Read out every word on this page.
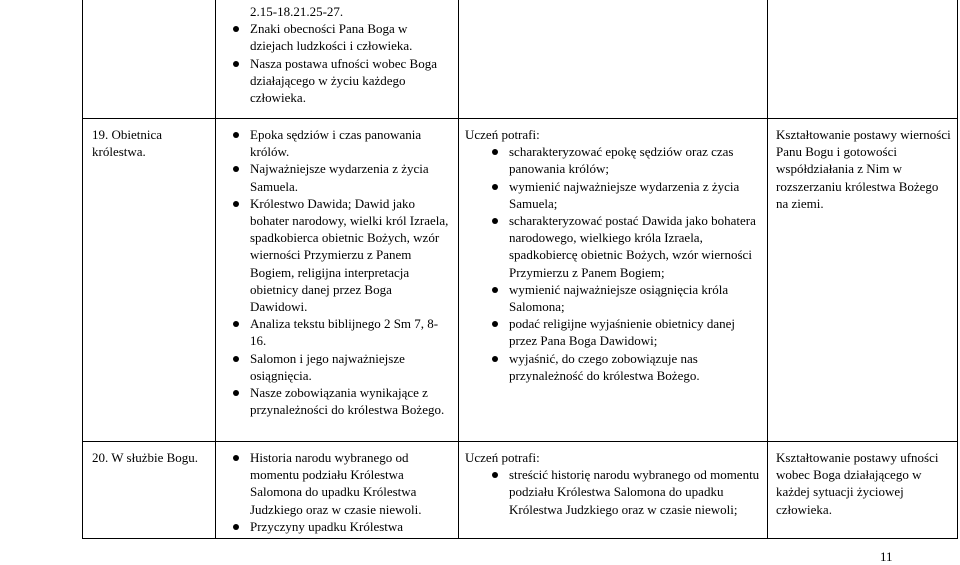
2.15-18.21.25-27.

Znaki obecności Pana Boga w dziejach ludzkości i człowieka.
Nasza postawa ufności wobec Boga działającego w życiu każdego człowieka.
19. Obietnica królestwa.
Epoka sędziów i czas panowania królów.
Najważniejsze wydarzenia z życia Samuela.
Królestwo Dawida; Dawid jako bohater narodowy, wielki król Izraela, spadkobierca obietnic Bożych, wzór wierności Przymierzu z Panem Bogiem, religijna interpretacja obietnicy danej przez Boga Dawidowi.
Analiza tekstu biblijnego 2 Sm 7, 8-16.
Salomon i jego najważniejsze osiągnięcia.
Nasze zobowiązania wynikające z przynależności do królestwa Bożego.

Uczeń potrafi:

scharakteryzować epokę sędziów oraz czas panowania królów;
wymienić najważniejsze wydarzenia z życia Samuela;
scharakteryzować postać Dawida jako bohatera narodowego, wielkiego króla Izraela, spadkobiercę obietnic Bożych, wzór wierności Przymierzu z Panem Bogiem;
wymienić najważniejsze osiągnięcia króla Salomona;
podać religijne wyjaśnienie obietnicy danej przez Pana Boga Dawidowi;
wyjaśnić, do czego zobowiązuje nas przynależność do królestwa Bożego.
Kształtowanie postawy wierności Panu Bogu i gotowości współdziałania z Nim w rozszerzaniu królestwa Bożego na ziemi.
20. W służbie Bogu.	Historia narodu wybranego od momentu podziału Królestwa Salomona do upadku Królestwa Judzkiego oraz w czasie niewoli.
Przyczyny upadku Królestwa

Uczeń potrafi:

streścić historię narodu wybranego od momentu podziału Królestwa Salomona do upadku Królestwa Judzkiego oraz w czasie niewoli;
Kształtowanie postawy ufności wobec Boga działającego w każdej sytuacji życiowej człowieka.
11
